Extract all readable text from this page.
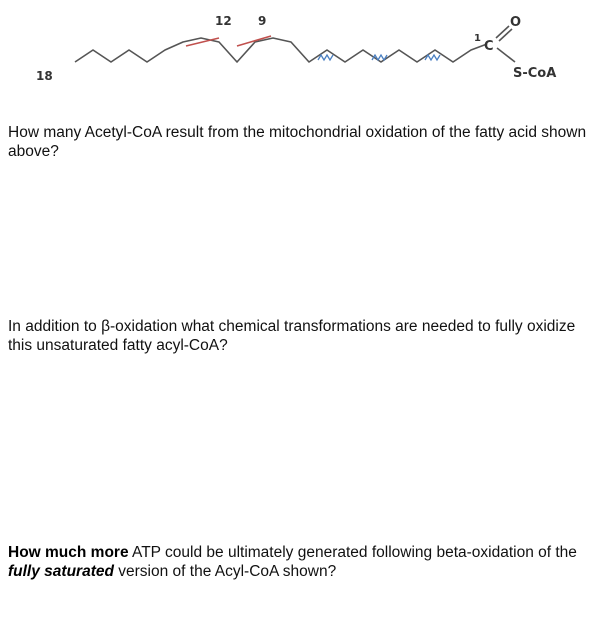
18
12 9
1
C
O
S-CoA

How many Acetyl-CoA result from the mitochondrial oxidation of the fatty acid shown above?

In addition to β-oxidation what chemical transformations are needed to fully oxidize this unsaturated fatty acyl-CoA?

How much more ATP could be ultimately generated following beta-oxidation of the fully saturated version of the Acyl-CoA shown?
